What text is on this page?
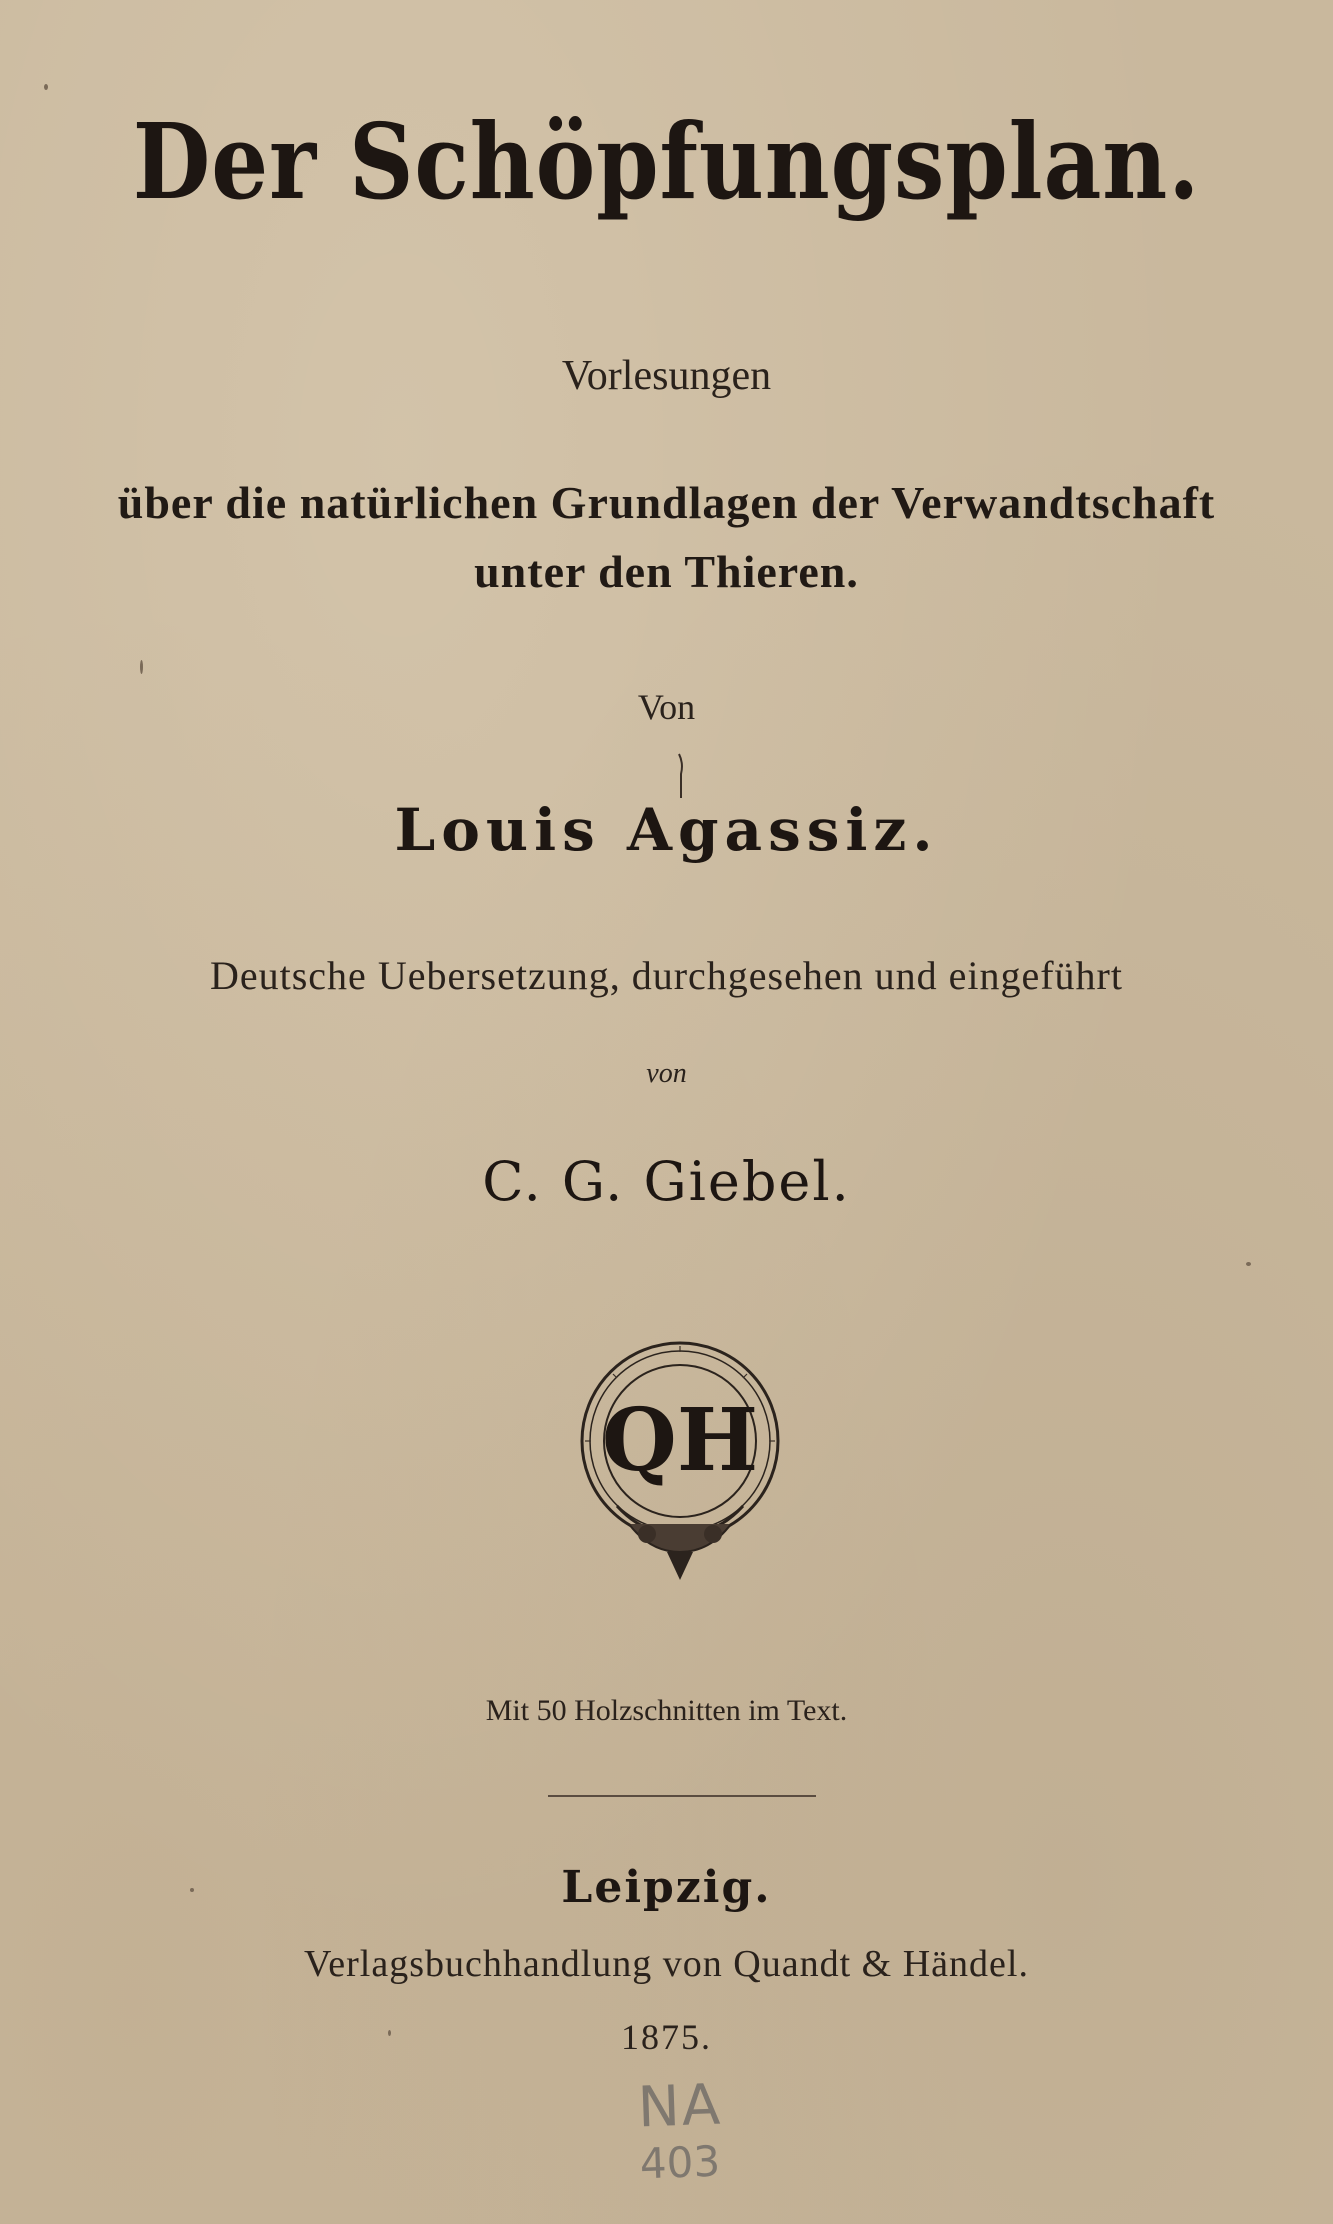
Der Schöpfungsplan.
Vorlesungen
über die natürlichen Grundlagen der Verwandtschaft
unter den Thieren.
Von
Louis Agassiz.
Deutsche Uebersetzung, durchgesehen und eingeführt
von
C. G. Giebel.
QH
Mit 50 Holzschnitten im Text.
Leipzig.
Verlagsbuchhandlung von Quandt & Händel.
1875.
NA
403
